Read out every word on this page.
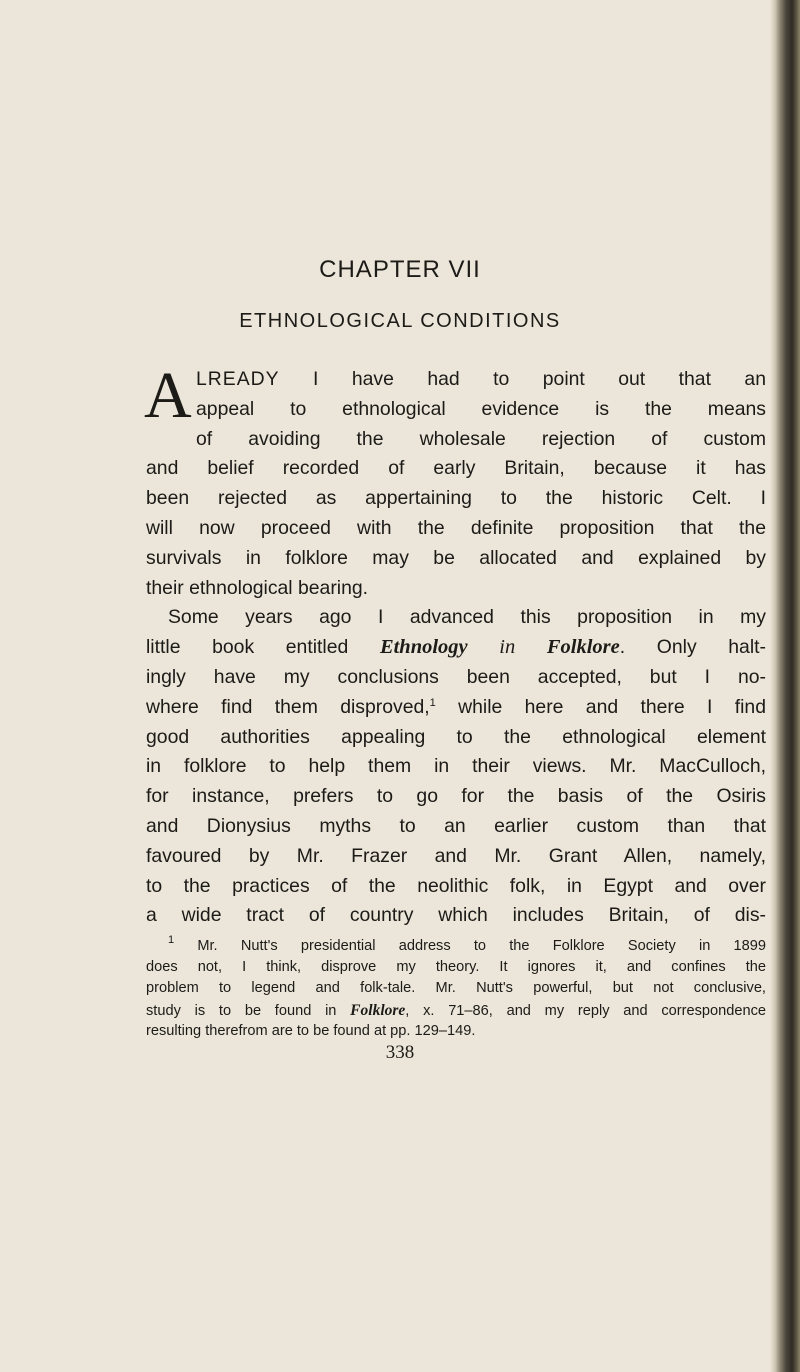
CHAPTER VII
ETHNOLOGICAL CONDITIONS
A LREADY I have had to point out that an
appeal to ethnological evidence is the means
of avoiding the wholesale rejection of custom
and belief recorded of early Britain, because it has
been rejected as appertaining to the historic Celt. I
will now proceed with the definite proposition that the
survivals in folklore may be allocated and explained by
their ethnological bearing.
Some years ago I advanced this proposition in my
little book entitled Ethnology in Folklore. Only halt-
ingly have my conclusions been accepted, but I no-
where find them disproved,$^1$ while here and there I find
good authorities appealing to the ethnological element
in folklore to help them in their views. Mr. MacCulloch,
for instance, prefers to go for the basis of the Osiris
and Dionysius myths to an earlier custom than that
favoured by Mr. Frazer and Mr. Grant Allen, namely,
to the practices of the neolithic folk, in Egypt and over
a wide tract of country which includes Britain, of dis-
$^1$ Mr. Nutt's presidential address to the Folklore Society in 1899
does not, I think, disprove my theory. It ignores it, and confines the
problem to legend and folk-tale. Mr. Nutt's powerful, but not conclusive,
study is to be found in Folklore, x. 71–86, and my reply and correspondence
resulting therefrom are to be found at pp. 129–149.
338
